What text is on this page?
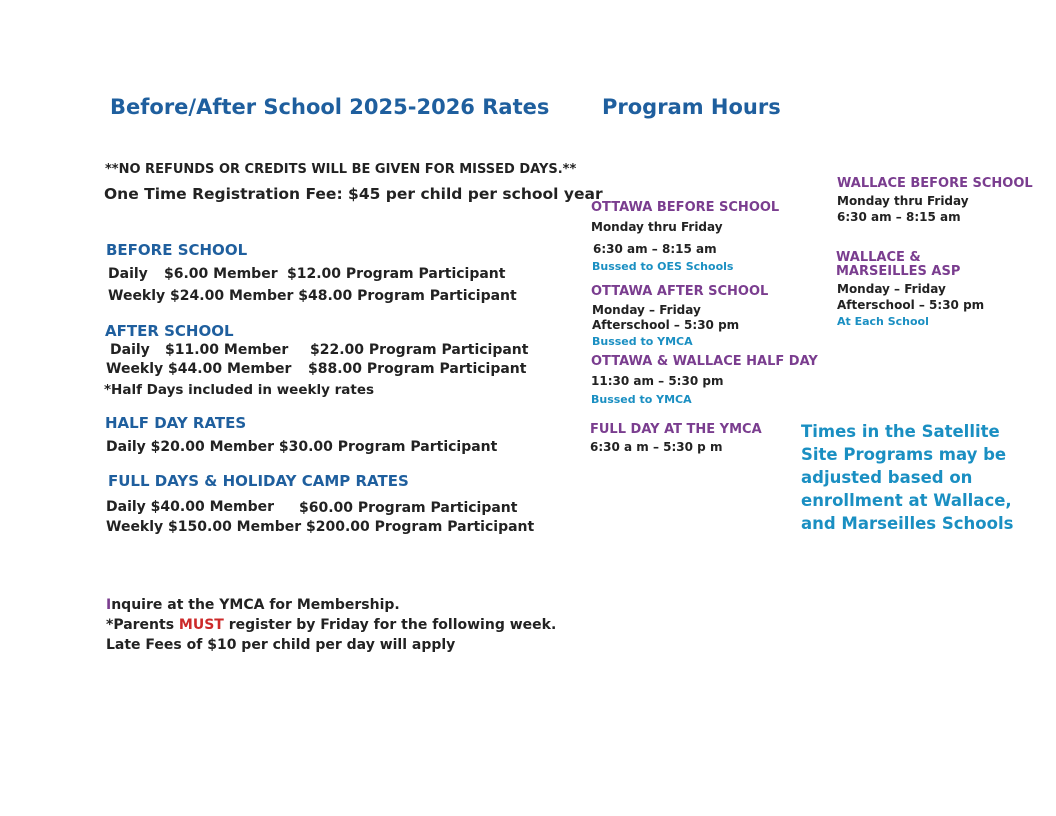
Before/After School 2025-2026 Rates	Program Hours
**NO REFUNDS OR CREDITS WILL BE GIVEN FOR MISSED DAYS.**
One Time Registration Fee: $45 per child per school year
BEFORE SCHOOL
Daily $6.00 Member $12.00 Program Participant
Weekly $24.00 Member $48.00 Program Participant
AFTER SCHOOL
Daily $11.00 Member $22.00 Program Participant
Weekly $44.00 Member $88.00 Program Participant
*Half Days included in weekly rates
HALF DAY RATES
Daily $20.00 Member $30.00 Program Participant
FULL DAYS & HOLIDAY CAMP RATES
Daily $40.00 Member $60.00 Program Participant
Weekly $150.00 Member $200.00 Program Participant
Inquire at the YMCA for Membership.
*Parents MUST register by Friday for the following week.
Late Fees of $10 per child per day will apply
OTTAWA BEFORE SCHOOL
Monday thru Friday
6:30 am – 8:15 am
Bussed to OES Schools
OTTAWA AFTER SCHOOL
Monday – Friday
Afterschool – 5:30 pm
Bussed to YMCA
OTTAWA & WALLACE HALF DAY
11:30 am – 5:30 pm
Bussed to YMCA
FULL DAY AT THE YMCA
6:30 a m – 5:30 p m
WALLACE BEFORE SCHOOL
Monday thru Friday
6:30 am – 8:15 am
WALLACE &
MARSEILLES ASP
Monday – Friday
Afterschool – 5:30 pm
At Each School
Times in the Satellite Site Programs may be adjusted based on enrollment at Wallace, and Marseilles Schools
